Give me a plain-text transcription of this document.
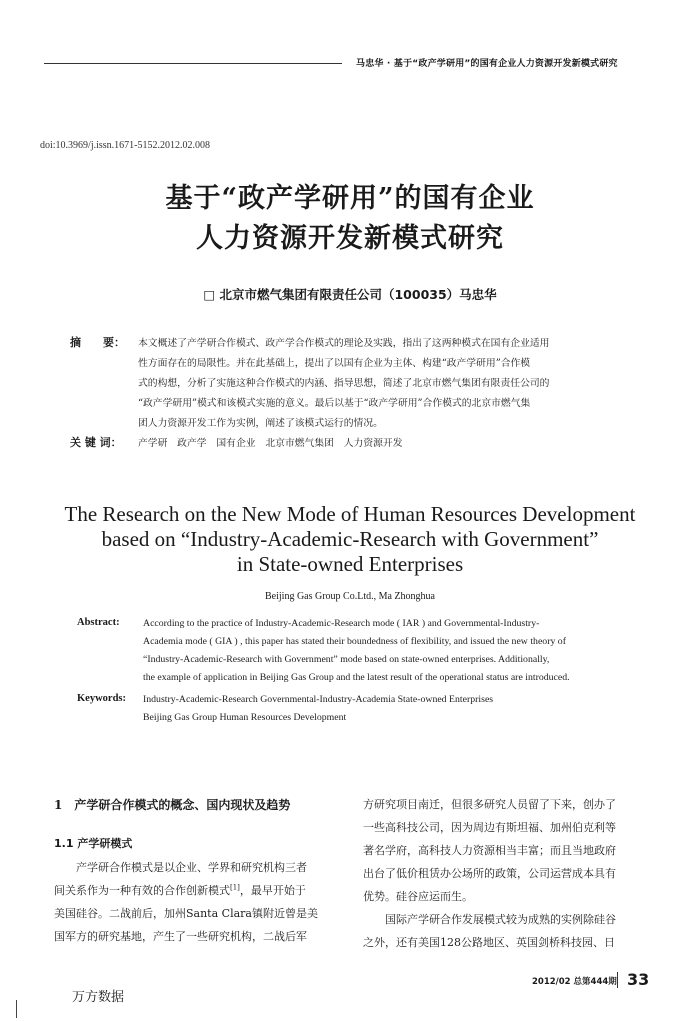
马忠华 · 基于“政产学研用”的国有企业人力资源开发新模式研究
doi:10.3969/j.issn.1671-5152.2012.02.008
基于“政产学研用”的国有企业
人力资源开发新模式研究
□ 北京市燃气集团有限责任公司（100035）马忠华
摘　　要： 本文概述了产学研合作模式、政产学合作模式的理论及实践，指出了这两种模式在国有企业适用
性方面存在的局限性。并在此基础上，提出了以国有企业为主体、构建“政产学研用”合作模
式的构想，分析了实施这种合作模式的内涵、指导思想，简述了北京市燃气集团有限责任公司的
“政产学研用”模式和该模式实施的意义。最后以基于“政产学研用”合作模式的北京市燃气集
团人力资源开发工作为实例，阐述了该模式运行的情况。
关 键 词： 产学研　政产学　国有企业　北京市燃气集团　人力资源开发
The Research on the New Mode of Human Resources Development
based on “Industry-Academic-Research with Government”
in State-owned Enterprises
Beijing Gas Group Co.Ltd., Ma Zhonghua
Abstract: According to the practice of Industry-Academic-Research mode ( IAR ) and Governmental-Industry-
Academia mode ( GIA ) , this paper has stated their boundedness of flexibility, and issued the new theory of
“Industry-Academic-Research with Government” mode based on state-owned enterprises. Additionally,
the example of application in Beijing Gas Group and the latest result of the operational status are introduced.
Keywords: Industry-Academic-Research Governmental-Industry-Academia State-owned Enterprises
Beijing Gas Group Human Resources Development
1　产学研合作模式的概念、国内现状及趋势
1.1 产学研模式
产学研合作模式是以企业、学界和研究机构三者
间关系作为一种有效的合作创新模式[1]，最早开始于
美国硅谷。二战前后，加州Santa Clara镇附近曾是美
国军方的研究基地，产生了一些研究机构，二战后军
方研究项目南迁，但很多研究人员留了下来，创办了
一些高科技公司，因为周边有斯坦福、加州伯克利等
著名学府，高科技人力资源相当丰富；而且当地政府
出台了低价租赁办公场所的政策，公司运营成本具有
优势。硅谷应运而生。
国际产学研合作发展模式较为成熟的实例除硅谷
之外，还有美国128公路地区、英国剑桥科技园、日
2012/02 总第444期 33
万方数据
